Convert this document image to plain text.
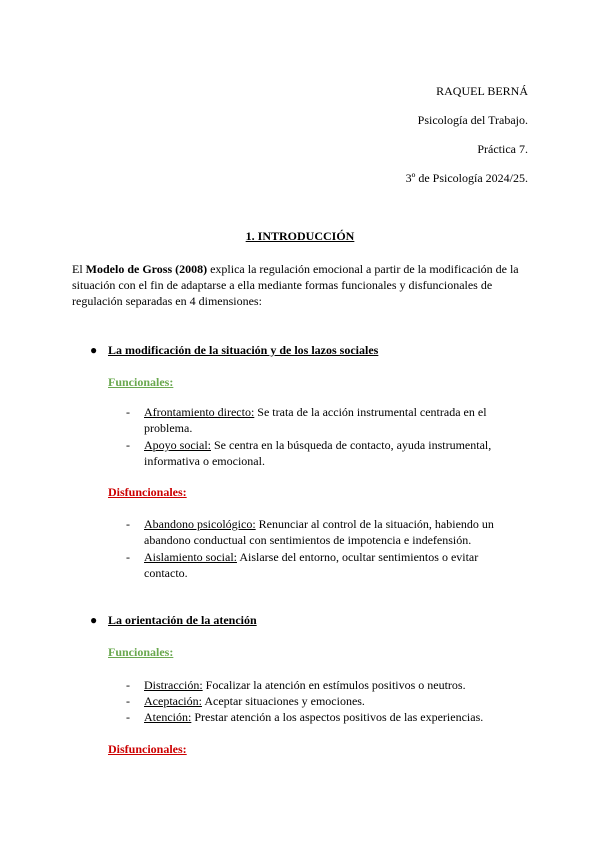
RAQUEL BERNÁ
Psicología del Trabajo.
Práctica 7.
3º de Psicología 2024/25.
1. INTRODUCCIÓN
El Modelo de Gross (2008) explica la regulación emocional a partir de la modificación de la situación con el fin de adaptarse a ella mediante formas funcionales y disfuncionales de regulación separadas en 4 dimensiones:
● La modificación de la situación y de los lazos sociales
Funcionales:
- Afrontamiento directo: Se trata de la acción instrumental centrada en el problema.
- Apoyo social: Se centra en la búsqueda de contacto, ayuda instrumental, informativa o emocional.
Disfuncionales:
- Abandono psicológico: Renunciar al control de la situación, habiendo un abandono conductual con sentimientos de impotencia e indefensión.
- Aislamiento social: Aislarse del entorno, ocultar sentimientos o evitar contacto.
● La orientación de la atención
Funcionales:
- Distracción: Focalizar la atención en estímulos positivos o neutros.
- Aceptación: Aceptar situaciones y emociones.
- Atención: Prestar atención a los aspectos positivos de las experiencias.
Disfuncionales:
